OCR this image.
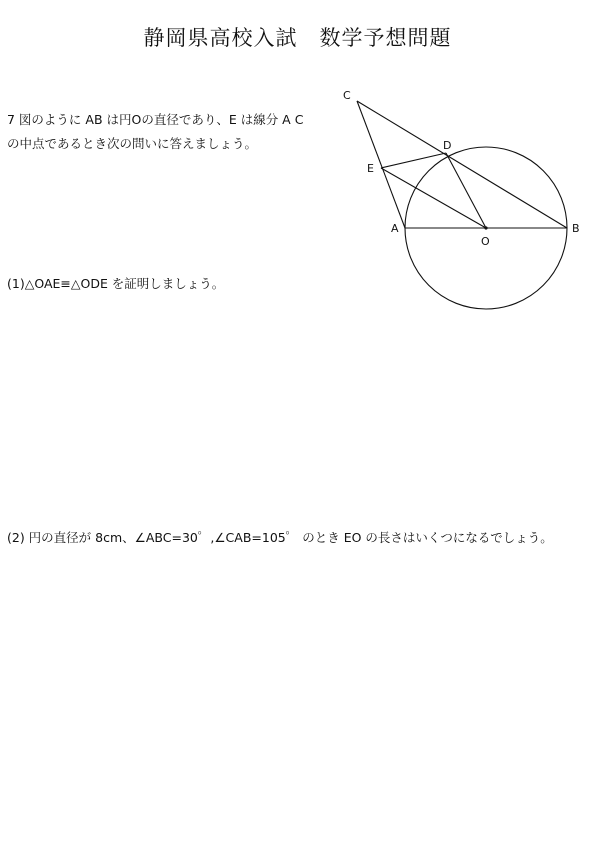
静岡県高校入試　数学予想問題
7 図のように AB は円Oの直径であり、E は線分 A C
の中点であるとき次の問いに答えましょう。
C
D
E
A
O
B
(1)△OAE≡△ODE を証明しましょう。
(2) 円の直径が 8cm、∠ABC=30゜,∠CAB=105゜ のとき EO の長さはいくつになるでしょう。
